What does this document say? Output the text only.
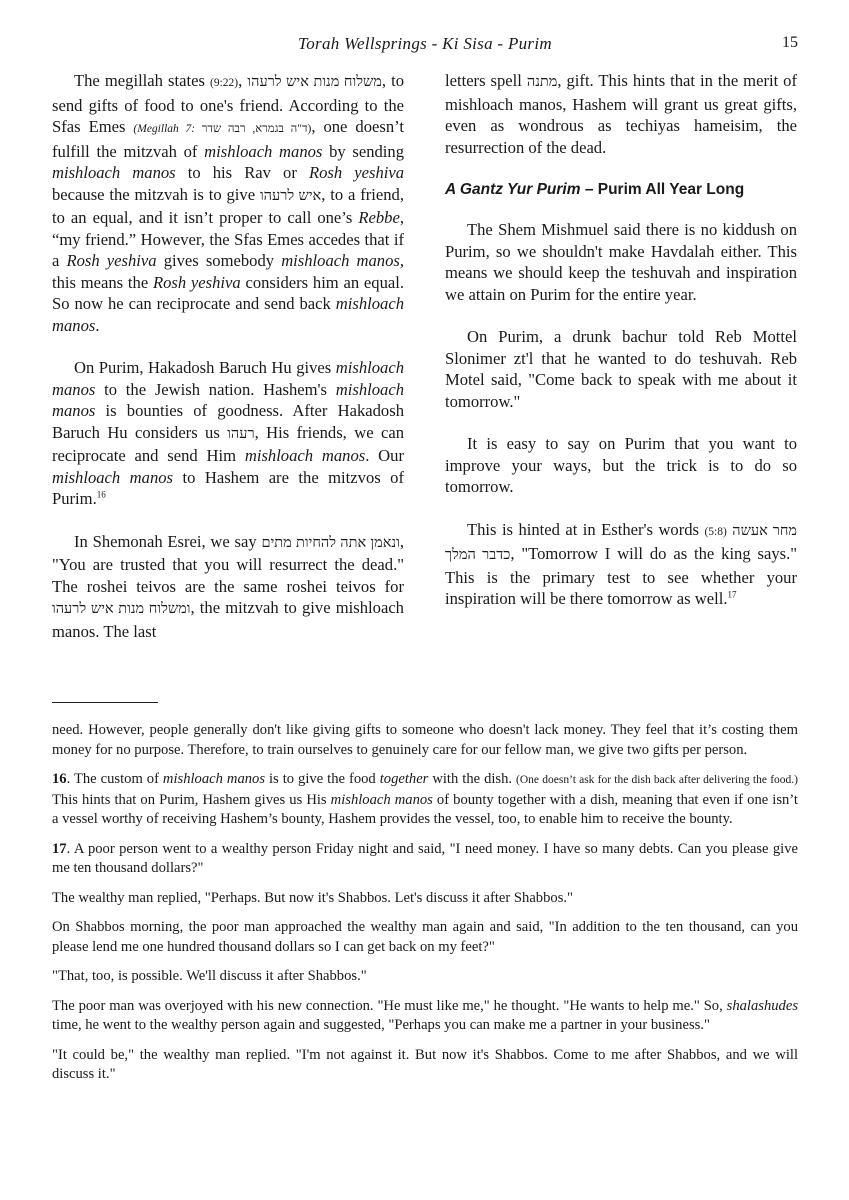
Torah Wellsprings - Ki Sisa - Purim	15

The megillah states (9:22), משלוח מנות איש לרעהו, to send gifts of food to one's friend. According to the Sfas Emes (Megillah 7: ד"ה בגמרא, רבה שדר), one doesn’t fulfill the mitzvah of mishloach manos by sending mishloach manos to his Rav or Rosh yeshiva because the mitzvah is to give איש לרעהו, to a friend, to an equal, and it isn’t proper to call one’s Rebbe, “my friend.” However, the Sfas Emes accedes that if a Rosh yeshiva gives somebody mishloach manos, this means the Rosh yeshiva considers him an equal. So now he can reciprocate and send back mishloach manos.

On Purim, Hakadosh Baruch Hu gives mishloach manos to the Jewish nation. Hashem's mishloach manos is bounties of goodness. After Hakadosh Baruch Hu considers us רעהו, His friends, we can reciprocate and send Him mishloach manos. Our mishloach manos to Hashem are the mitzvos of Purim.$^{16}$

In Shemonah Esrei, we say ונאמן אתה להחיות מתים, "You are trusted that you will resurrect the dead." The roshei teivos are the same roshei teivos for ומשלוח מנות איש לרעהו, the mitzvah to give mishloach manos. The last

letters spell מתנה, gift. This hints that in the merit of mishloach manos, Hashem will grant us great gifts, even as wondrous as techiyas hameisim, the resurrection of the dead.

A Gantz Yur Purim – Purim All Year Long

The Shem Mishmuel said there is no kiddush on Purim, so we shouldn't make Havdalah either. This means we should keep the teshuvah and inspiration we attain on Purim for the entire year.

On Purim, a drunk bachur told Reb Mottel Slonimer zt'l that he wanted to do teshuvah. Reb Motel said, "Come back to speak with me about it tomorrow."

It is easy to say on Purim that you want to improve your ways, but the trick is to do so tomorrow.

This is hinted at in Esther's words (5:8) מחר אעשה כדבר המלך, "Tomorrow I will do as the king says." This is the primary test to see whether your inspiration will be there tomorrow as well.$^{17}$

need. However, people generally don't like giving gifts to someone who doesn't lack money. They feel that it’s costing them money for no purpose. Therefore, to train ourselves to genuinely care for our fellow man, we give two gifts per person.

16. The custom of mishloach manos is to give the food together with the dish. (One doesn’t ask for the dish back after delivering the food.) This hints that on Purim, Hashem gives us His mishloach manos of bounty together with a dish, meaning that even if one isn’t a vessel worthy of receiving Hashem’s bounty, Hashem provides the vessel, too, to enable him to receive the bounty.

17. A poor person went to a wealthy person Friday night and said, "I need money. I have so many debts. Can you please give me ten thousand dollars?"

The wealthy man replied, "Perhaps. But now it's Shabbos. Let's discuss it after Shabbos."

On Shabbos morning, the poor man approached the wealthy man again and said, "In addition to the ten thousand, can you please lend me one hundred thousand dollars so I can get back on my feet?"

"That, too, is possible. We'll discuss it after Shabbos."

The poor man was overjoyed with his new connection. "He must like me," he thought. "He wants to help me." So, shalashudes time, he went to the wealthy person again and suggested, "Perhaps you can make me a partner in your business."

"It could be," the wealthy man replied. "I'm not against it. But now it's Shabbos. Come to me after Shabbos, and we will discuss it."
